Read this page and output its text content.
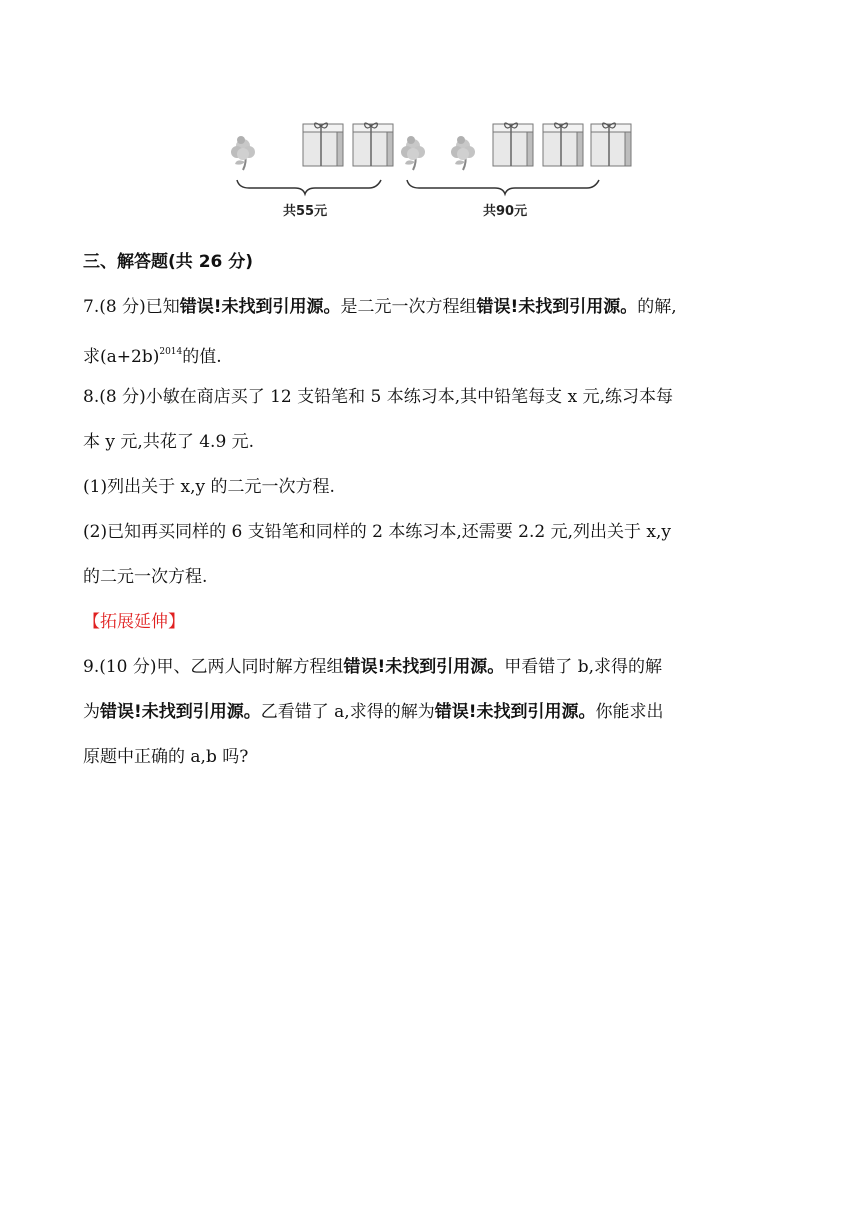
共55元	共90元
三、解答题(共 26 分)
7.(8 分)已知错误!未找到引用源。是二元一次方程组错误!未找到引用源。的解,
求$(a+2b)^{2014}$的值.
8.(8 分)小敏在商店买了 12 支铅笔和 5 本练习本,其中铅笔每支 x 元,练习本每
本 y 元,共花了 4.9 元.
(1)列出关于 x,y 的二元一次方程.
(2)已知再买同样的 6 支铅笔和同样的 2 本练习本,还需要 2.2 元,列出关于 x,y
的二元一次方程.
【拓展延伸】
9.(10 分)甲、乙两人同时解方程组错误!未找到引用源。甲看错了 b,求得的解
为错误!未找到引用源。乙看错了 a,求得的解为错误!未找到引用源。你能求出
原题中正确的 a,b 吗?
